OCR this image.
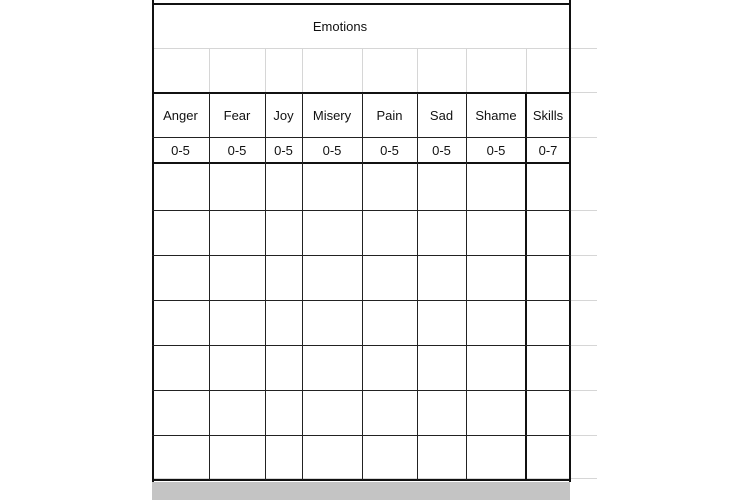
Emotions
Anger
0-5
Fear
0-5
Joy
0-5
Misery
0-5
Pain
0-5
Sad
0-5
Shame
0-5
Skills
0-7
